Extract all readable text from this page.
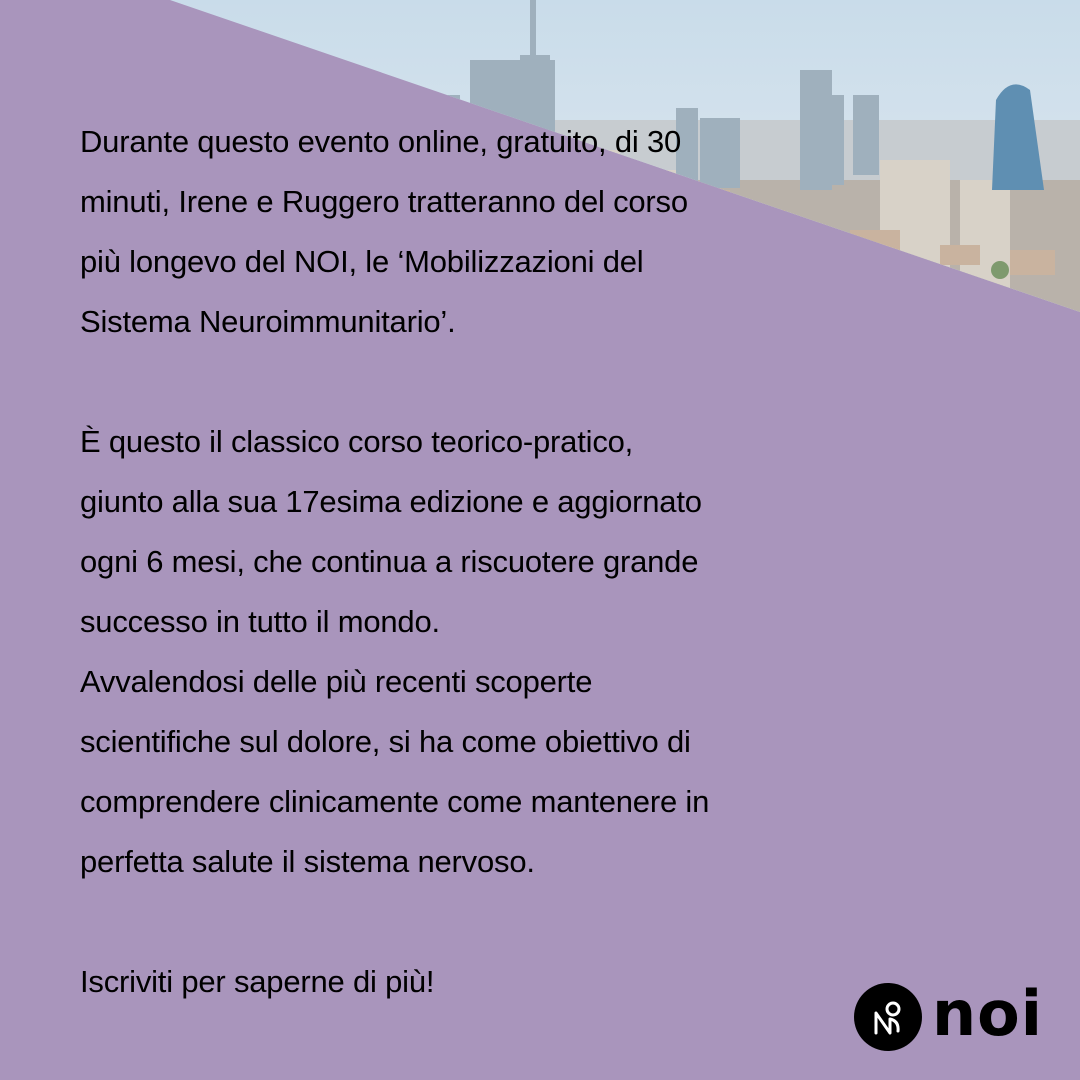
Durante questo evento online, gratuito, di 30
minuti, Irene e Ruggero tratteranno del corso
più longevo del NOI, le ‘Mobilizzazioni del
Sistema Neuroimmunitario’.

È questo il classico corso teorico-pratico,
giunto alla sua 17esima edizione e aggiornato
ogni 6 mesi, che continua a riscuotere grande
successo in tutto il mondo.
Avvalendosi delle più recenti scoperte
scientifiche sul dolore, si ha come obiettivo di
comprendere clinicamente come mantenere in
perfetta salute il sistema nervoso.

Iscriviti per saperne di più!	noi
